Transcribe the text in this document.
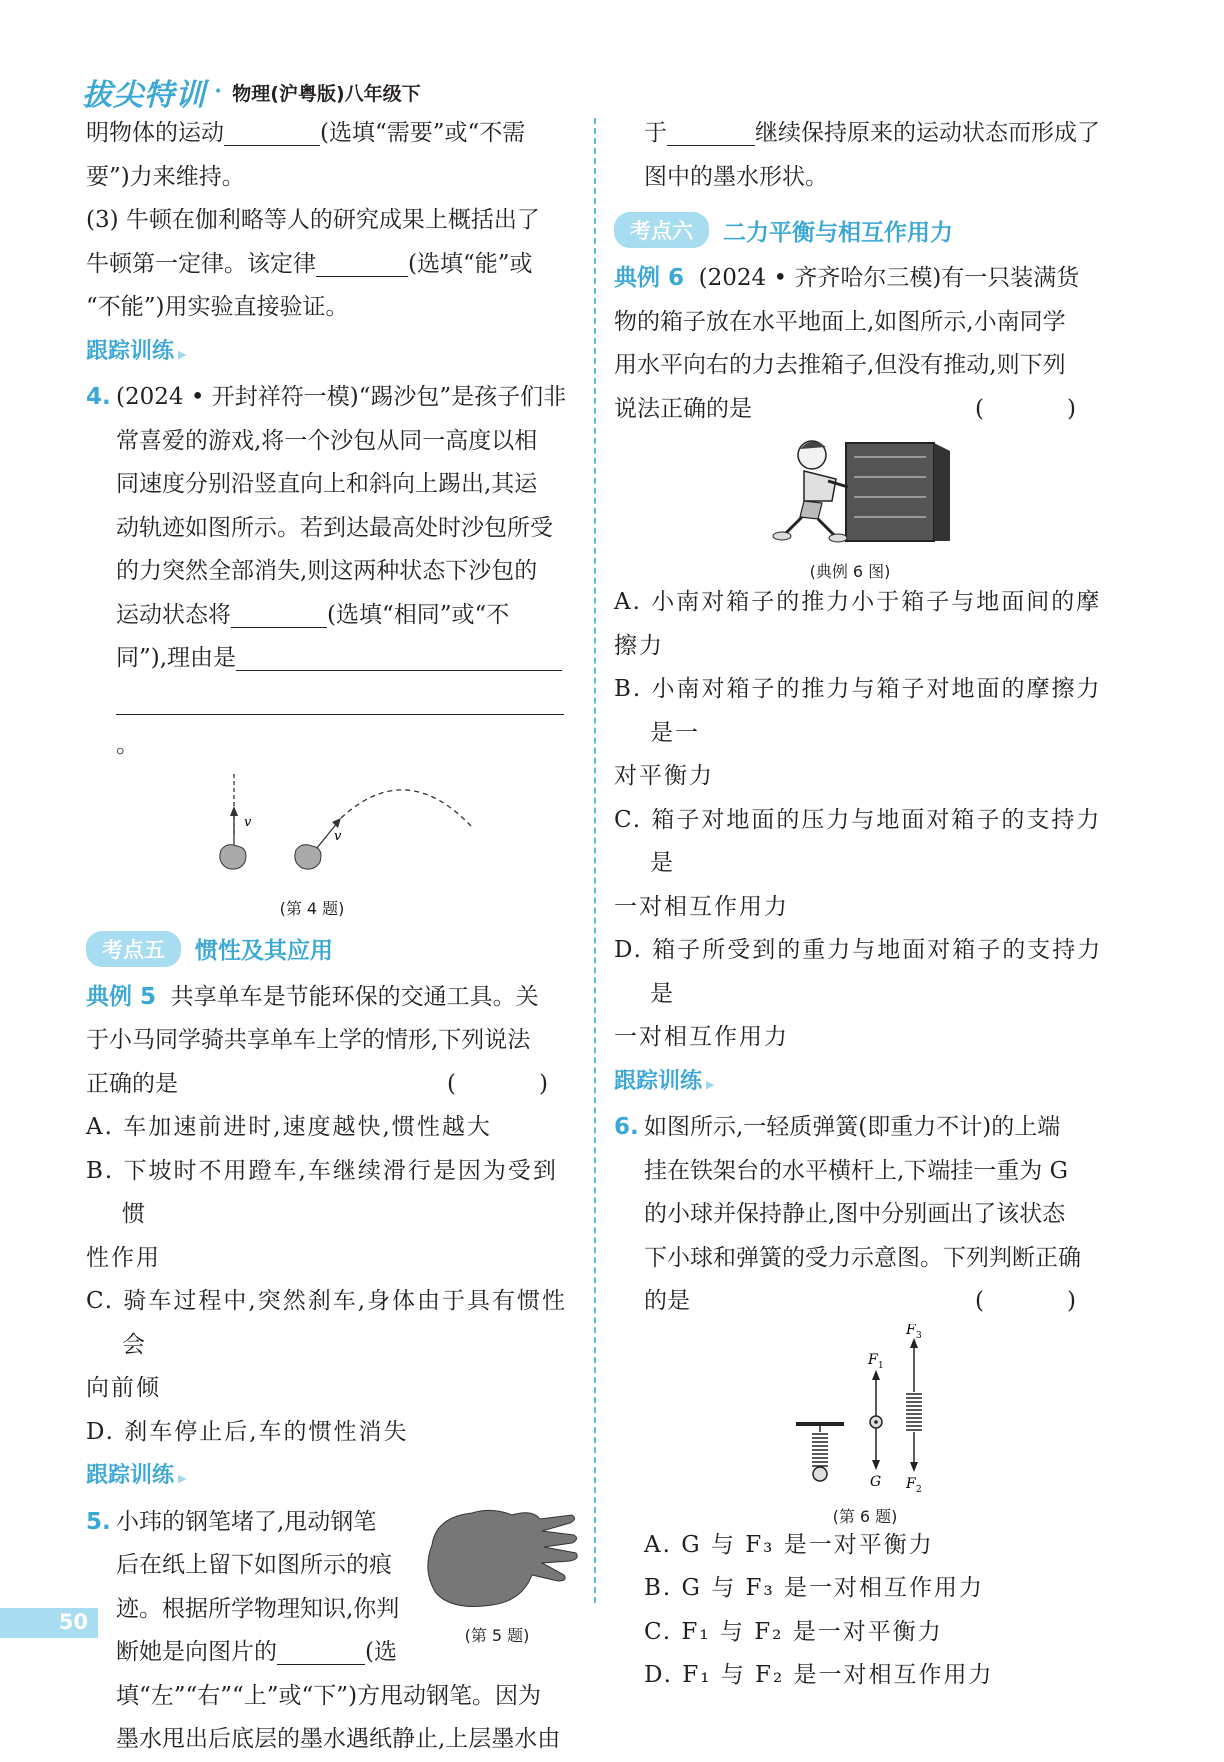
拔尖特训 • 物理(沪粤版)八年级下

明物体的运动	(选填“需要”或“不需

要”)力来维持。

(3) 牛顿在伽利略等人的研究成果上概括出了

牛顿第一定律。该定律	(选填“能”或

“不能”)用实验直接验证。

跟踪训练 ▶
4. (2024 • 开封祥符一模)“踢沙包”是孩子们非

常喜爱的游戏,将一个沙包从同一高度以相

同速度分别沿竖直向上和斜向上踢出,其运

动轨迹如图所示。若到达最高处时沙包所受

的力突然全部消失,则这两种状态下沙包的

运动状态将	(选填“相同”或“不

同”),理由是

。

v
v
(第 4 题)
考点五	惯性及其应用

典例 5 共享单车是节能环保的交通工具。关

于小马同学骑共享单车上学的情形,下列说法

正确的是	(　)

A. 车加速前进时,速度越快,惯性越大

B. 下坡时不用蹬车,车继续滑行是因为受到惯

性作用

C. 骑车过程中,突然刹车,身体由于具有惯性会

向前倾

D. 刹车停止后,车的惯性消失

跟踪训练 ▶
5.
(第 5 题)

小玮的钢笔堵了,甩动钢笔

后在纸上留下如图所示的痕

迹。根据所学物理知识,你判

断她是向图片的	(选

填“左”“右”“上”或“下”)方甩动钢笔。因为

墨水甩出后底层的墨水遇纸静止,上层墨水由

于	继续保持原来的运动状态而形成了

图中的墨水形状。

考点六	二力平衡与相互作用力

典例 6 (2024 • 齐齐哈尔三模)有一只装满货

物的箱子放在水平地面上,如图所示,小南同学

用水平向右的力去推箱子,但没有推动,则下列

说法正确的是	(　)

(典例 6 图)

A. 小南对箱子的推力小于箱子与地面间的摩

擦力

B. 小南对箱子的推力与箱子对地面的摩擦力是一

对平衡力

C. 箱子对地面的压力与地面对箱子的支持力是

一对相互作用力

D. 箱子所受到的重力与地面对箱子的支持力是

一对相互作用力

跟踪训练 ▶
6. 如图所示,一轻质弹簧(即重力不计)的上端

挂在铁架台的水平横杆上,下端挂一重为 G

的小球并保持静止,图中分别画出了该状态

下小球和弹簧的受力示意图。下列判断正确

的是	(　)

F 1
G
F 3
F 2
(第 6 题)

A. G 与 F₃ 是一对平衡力

B. G 与 F₃ 是一对相互作用力

C. F₁ 与 F₂ 是一对平衡力

D. F₁ 与 F₂ 是一对相互作用力

50
